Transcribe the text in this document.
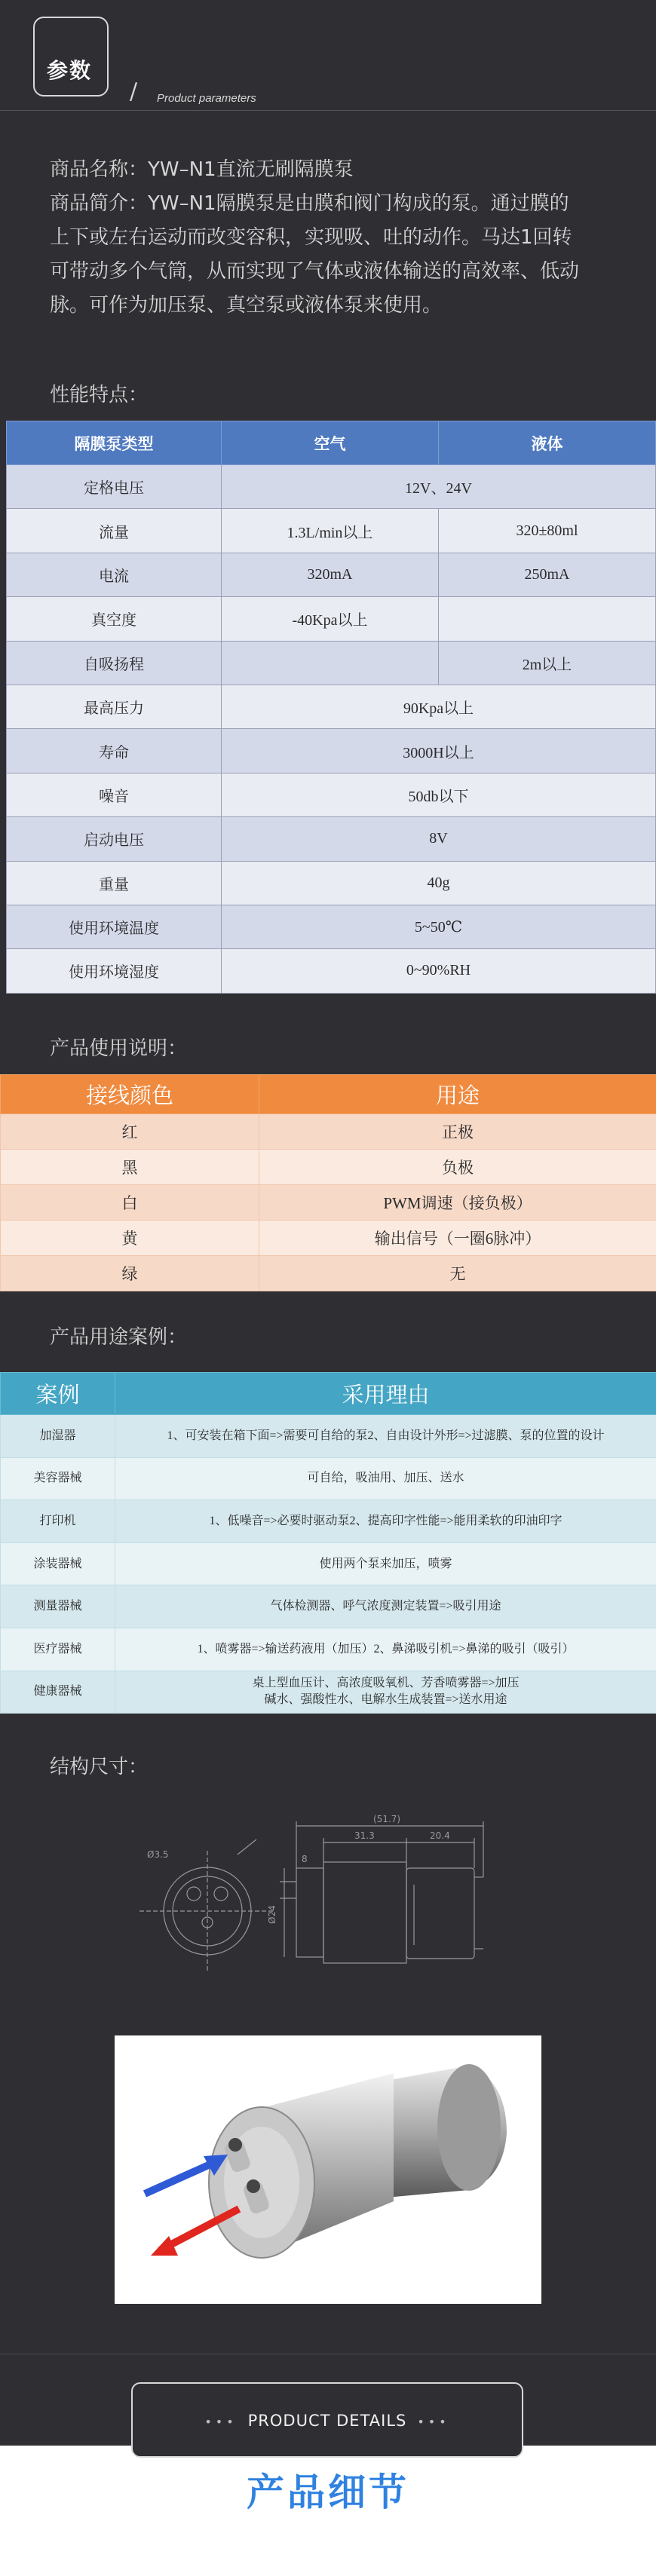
参数
/ Product parameters

商品名称：YW–N1直流无刷隔膜泵

商品简介：YW–N1隔膜泵是由膜和阀门构成的泵。通过膜的

上下或左右运动而改变容积，实现吸、吐的动作。马达1回转

可带动多个气筒，从而实现了气体或液体输送的高效率、低动

脉。可作为加压泵、真空泵或液体泵来使用。

性能特点：
隔膜泵类型	空气	液体
定格电压	12V、24V	
流量	1.3L/min以上	320±80ml
电流	320mA	250mA
真空度	-40Kpa以上	
自吸扬程		2m以上
最高压力	90Kpa以上	
寿命	3000H以上	
噪音	50db以下	
启动电压	8V	
重量	40g	
使用环境温度	5~50℃	
使用环境湿度	0~90%RH	
产品使用说明：
接线颜色	用途
红	正极
黑	负极
白	PWM调速（接负极）
黄	输出信号（一圈6脉冲）
绿	无
产品用途案例：
案例	采用理由
加湿器	1、可安装在箱下面=>需要可自给的泵2、自由设计外形=>过滤膜、泵的位置的设计
美容器械	可自给，吸油用、加压、送水
打印机	1、低噪音=>必要时驱动泵2、提高印字性能=>能用柔软的印油印字
涂装器械	使用两个泵来加压，喷雾
测量器械	气体检测器、呼气浓度测定装置=>吸引用途
医疗器械	1、喷雾器=>输送药液用（加压）2、鼻涕吸引机=>鼻涕的吸引（吸引）
健康器械	桌上型血压计、高浓度吸氧机、芳香喷雾器=>加压
碱水、强酸性水、电解水生成装置=>送水用途
结构尺寸：
(51.7)
31.3	20.4
8
Ø24
Ø3.5
••• PRODUCT DETAILS •••
产品细节
